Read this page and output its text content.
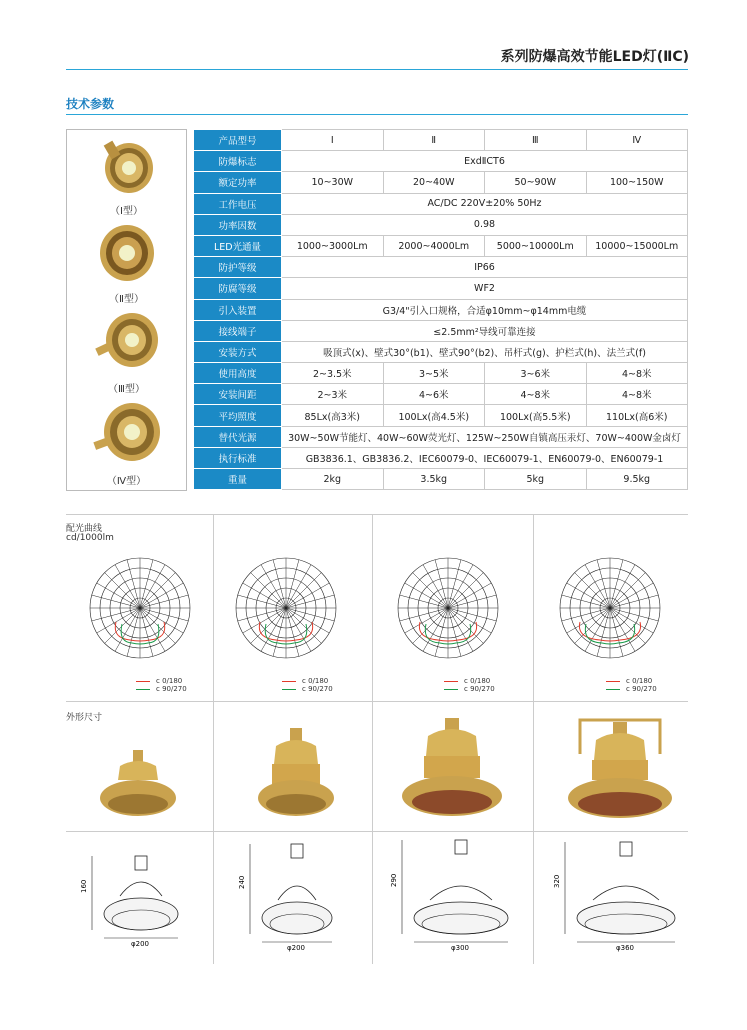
系列防爆高效节能LED灯(ⅡC)
技术参数
（Ⅰ型）
（Ⅱ型）
（Ⅲ型）
（Ⅳ型）
产品型号	Ⅰ	Ⅱ	Ⅲ	Ⅳ
防爆标志	ExdⅡCT6			
额定功率	10~30W	20~40W	50~90W	100~150W
工作电压	AC/DC 220V±20% 50Hz			
功率因数	0.98			
LED光通量	1000~3000Lm	2000~4000Lm	5000~10000Lm	10000~15000Lm
防护等级	IP66			
防腐等级	WF2			
引入装置	G3/4"引入口规格，合适φ10mm~φ14mm电缆			
接线端子	≤2.5mm²导线可靠连接			
安装方式	吸顶式(x)、壁式30°(b1)、壁式90°(b2)、吊杆式(g)、护栏式(h)、法兰式(f)			
使用高度	2~3.5米	3~5米	3~6米	4~8米
安装间距	2~3米	4~6米	4~8米	4~8米
平均照度	85Lx(高3米)	100Lx(高4.5米)	100Lx(高5.5米)	110Lx(高6米)
替代光源	30W~50W节能灯、40W~60W荧光灯、125W~250W自镇高压汞灯、70W~400W金卤灯			
执行标准	GB3836.1、GB3836.2、IEC60079-0、IEC60079-1、EN60079-0、EN60079-1			
重量	2kg	3.5kg	5kg	9.5kg
配光曲线
cd/1000lm
c 0/180
c 90/270
c 0/180
c 90/270
c 0/180
c 90/270
c 0/180
c 90/270
外形尺寸
160
φ200
240
φ200
290
φ300
320
φ360
